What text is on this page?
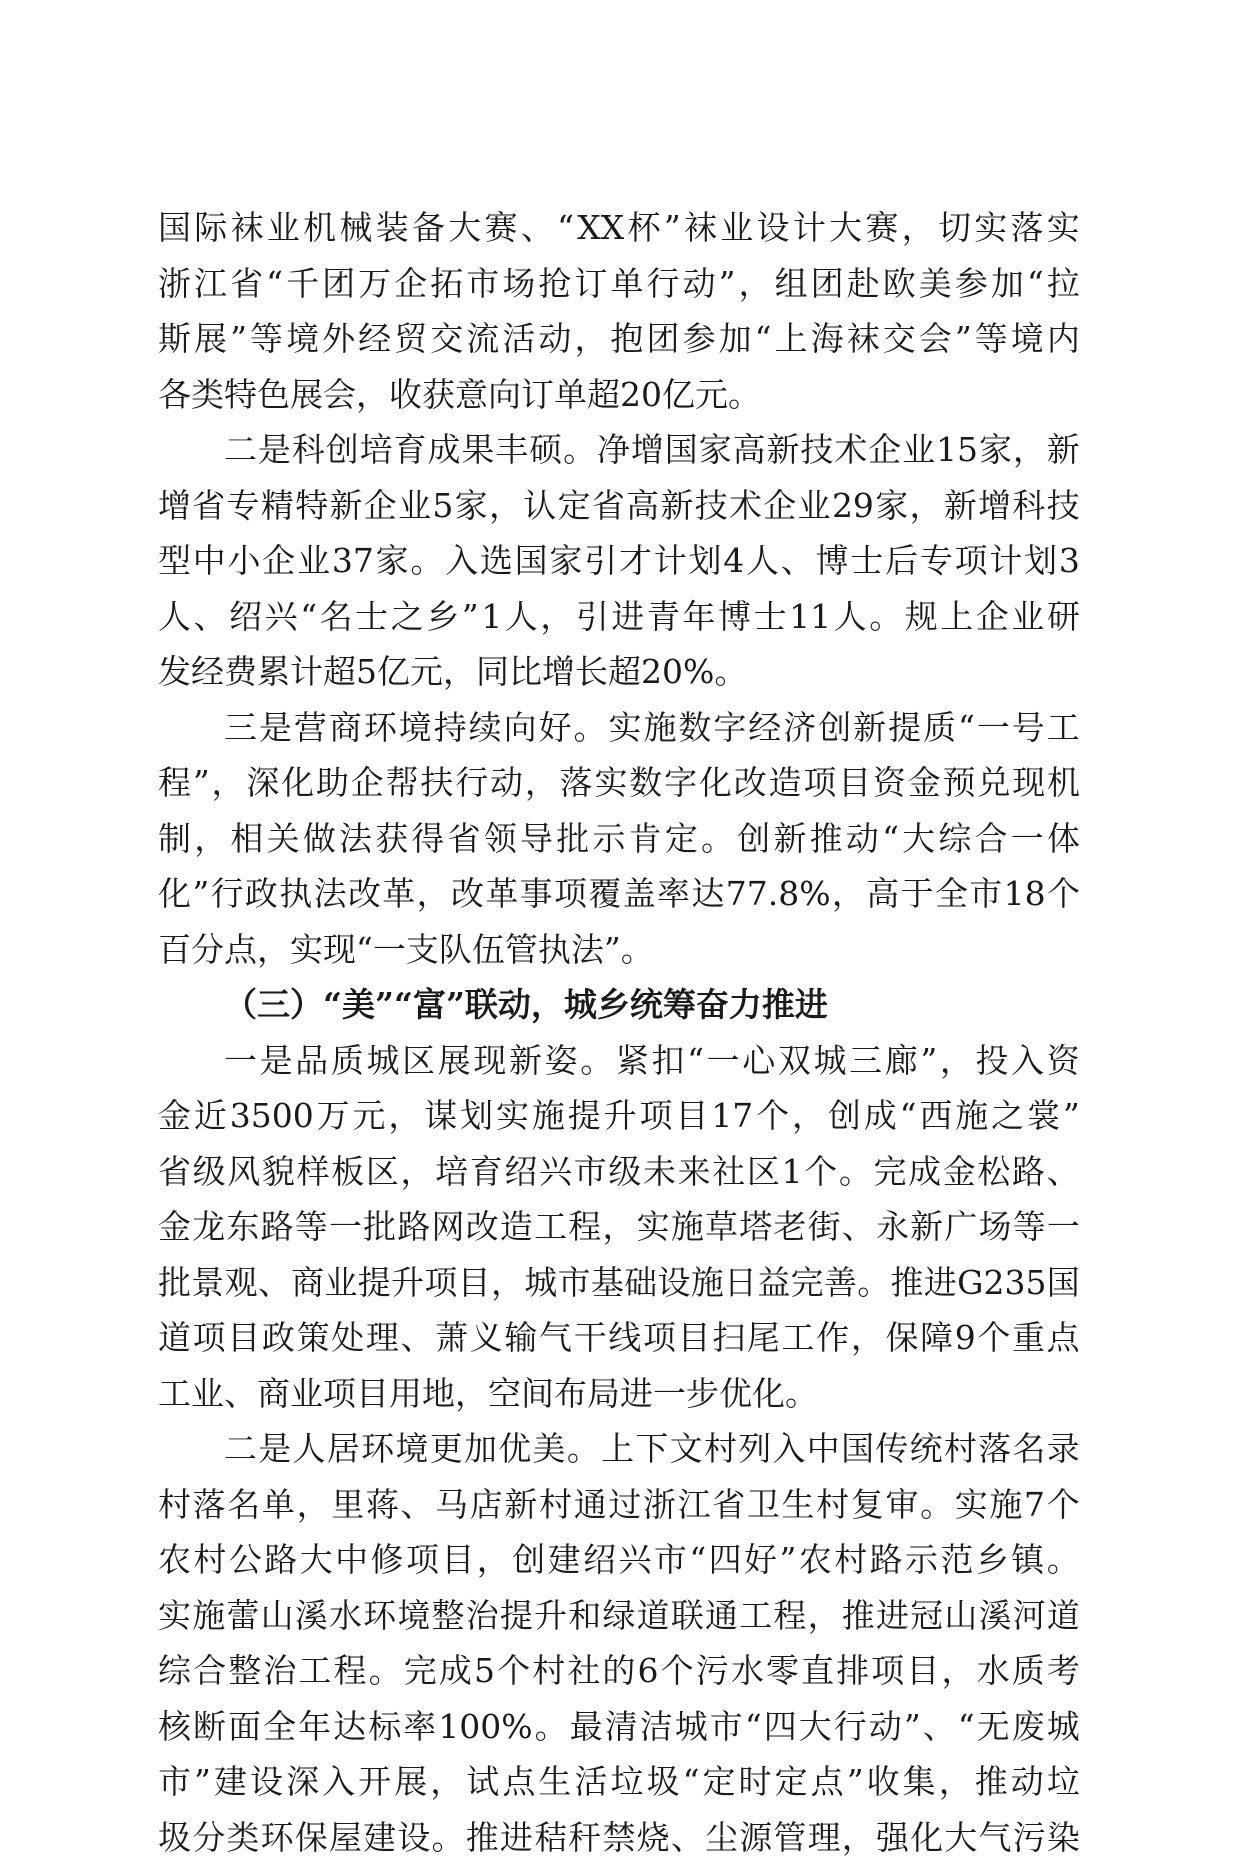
国 际 袜 业 机 械 装 备 大 赛 、 “ XX 杯 ” 袜 业 设 计 大 赛 ， 切 实 落 实
浙 江 省 “ 千 团 万 企 拓 市 场 抢 订 单 行 动 ” ， 组 团 赴 欧 美 参 加 “ 拉
斯 展 ” 等 境 外 经 贸 交 流 活 动 ， 抱 团 参 加 “ 上 海 袜 交 会 ” 等 境 内
各 类 特 色 展 会 ， 收 获 意 向 订 单 超 20 亿 元 。
二 是 科 创 培 育 成 果 丰 硕 。 净 增 国 家 高 新 技 术 企 业 15 家 ， 新
增 省 专 精 特 新 企 业 5 家 ， 认 定 省 高 新 技 术 企 业 29 家 ， 新 增 科 技
型 中 小 企 业 37 家 。 入 选 国 家 引 才 计 划 4 人 、 博 士 后 专 项 计 划 3
人 、 绍 兴 “ 名 士 之 乡 ” 1 人 ， 引 进 青 年 博 士 11 人 。 规 上 企 业 研
发 经 费 累 计 超 5 亿 元 ， 同 比 增 长 超 20% 。
三 是 营 商 环 境 持 续 向 好 。 实 施 数 字 经 济 创 新 提 质 “ 一 号 工
程 ” ， 深 化 助 企 帮 扶 行 动 ， 落 实 数 字 化 改 造 项 目 资 金 预 兑 现 机
制 ， 相 关 做 法 获 得 省 领 导 批 示 肯 定 。 创 新 推 动 “ 大 综 合 一 体
化 ” 行 政 执 法 改 革 ， 改 革 事 项 覆 盖 率 达 77.8% ， 高 于 全 市 18 个
百 分 点 ， 实 现 “ 一 支 队 伍 管 执 法 ” 。
（三）“美”“富”联动，城乡统筹奋力推进
一 是 品 质 城 区 展 现 新 姿 。 紧 扣 “ 一 心 双 城 三 廊 ” ， 投 入 资
金 近 3500 万 元 ， 谋 划 实 施 提 升 项 目 17 个 ， 创 成 “ 西 施 之 裳 ”
省 级 风 貌 样 板 区 ， 培 育 绍 兴 市 级 未 来 社 区 1 个 。 完 成 金 松 路 、
金 龙 东 路 等 一 批 路 网 改 造 工 程 ， 实 施 草 塔 老 街 、 永 新 广 场 等 一
批 景 观 、 商 业 提 升 项 目 ， 城 市 基 础 设 施 日 益 完 善 。 推 进 G235 国
道 项 目 政 策 处 理 、 萧 义 输 气 干 线 项 目 扫 尾 工 作 ， 保 障 9 个 重 点
工 业 、 商 业 项 目 用 地 ， 空 间 布 局 进 一 步 优 化 。
二 是 人 居 环 境 更 加 优 美 。 上 下 文 村 列 入 中 国 传 统 村 落 名 录
村 落 名 单 ， 里 蒋 、 马 店 新 村 通 过 浙 江 省 卫 生 村 复 审 。 实 施 7 个
农 村 公 路 大 中 修 项 目 ， 创 建 绍 兴 市 “ 四 好 ” 农 村 路 示 范 乡 镇 。
实 施 蕾 山 溪 水 环 境 整 治 提 升 和 绿 道 联 通 工 程 ， 推 进 冠 山 溪 河 道
综 合 整 治 工 程 。 完 成 5 个 村 社 的 6 个 污 水 零 直 排 项 目 ， 水 质 考
核 断 面 全 年 达 标 率 100% 。 最 清 洁 城 市 “ 四 大 行 动 ” 、 “ 无 废 城
市 ” 建 设 深 入 开 展 ， 试 点 生 活 垃 圾 “ 定 时 定 点 ” 收 集 ， 推 动 垃
圾 分 类 环 保 屋 建 设 。 推 进 秸 秆 禁 烧 、 尘 源 管 理 ， 强 化 大 气 污 染
